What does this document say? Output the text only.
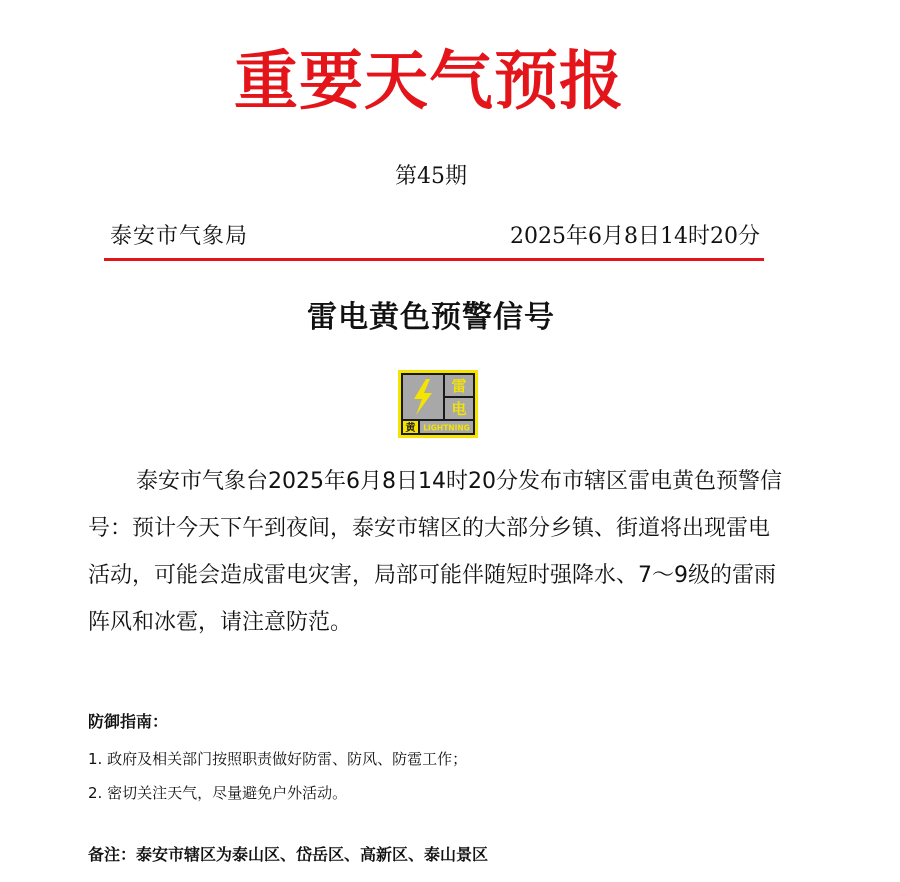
重要天气预报
第45期
泰安市气象局	2025年6月8日14时20分
雷电黄色预警信号
雷
电
黄 LIGHTNING

泰安市气象台2025年6月8日14时20分发布市辖区雷电黄色预警信号：预计今天下午到夜间，泰安市辖区的大部分乡镇、街道将出现雷电活动，可能会造成雷电灾害，局部可能伴随短时强降水、7～9级的雷雨阵风和冰雹，请注意防范。

防御指南：
1. 政府及相关部门按照职责做好防雷、防风、防雹工作；
2. 密切关注天气，尽量避免户外活动。
备注：泰安市辖区为泰山区、岱岳区、高新区、泰山景区
